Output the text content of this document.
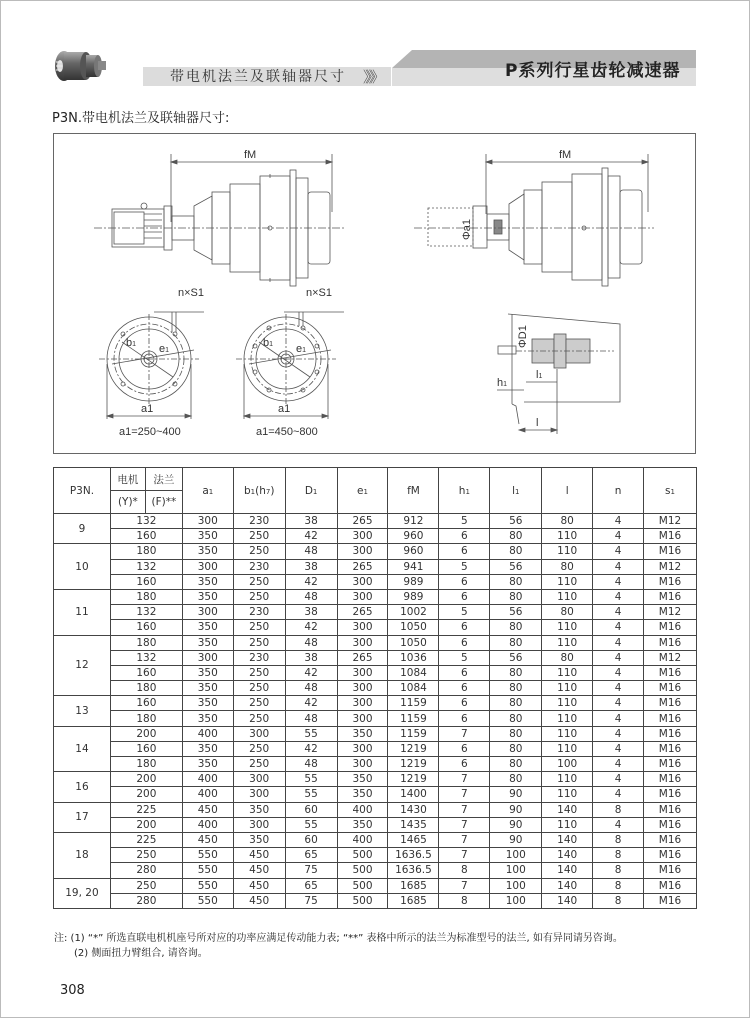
带电机法兰及联轴器尺寸 》》》	P系列行星齿轮减速器
P3N.带电机法兰及联轴器尺寸:
fM	fM
Φa1
b1 e1
n×S1
a1
a1=250~400
b1 e1
n×S1
a1
a1=450~800
ΦD1
l1
h1
l
P3N.	电机	法兰	a1	b1(h7)	D1	e1	fM	h1	l1	l	n	s1
	(Y)*	(F)**										
9	132		300	230	38	265	912	5	56	80	4	M12
	160		350	250	42	300	960	6	80	110	4	M16
10	180		350	250	48	300	960	6	80	110	4	M16
	132		300	230	38	265	941	5	56	80	4	M12
	160		350	250	42	300	989	6	80	110	4	M16
11	180		350	250	48	300	989	6	80	110	4	M16
	132		300	230	38	265	1002	5	56	80	4	M12
	160		350	250	42	300	1050	6	80	110	4	M16
12	180		350	250	48	300	1050	6	80	110	4	M16
	132		300	230	38	265	1036	5	56	80	4	M12
	160		350	250	42	300	1084	6	80	110	4	M16
	180		350	250	48	300	1084	6	80	110	4	M16
13	160		350	250	42	300	1159	6	80	110	4	M16
	180		350	250	48	300	1159	6	80	110	4	M16
14	200		400	300	55	350	1159	7	80	110	4	M16
	160		350	250	42	300	1219	6	80	110	4	M16
	180		350	250	48	300	1219	6	80	100	4	M16
16	200		400	300	55	350	1219	7	80	110	4	M16
	200		400	300	55	350	1400	7	90	110	4	M16
17	225		450	350	60	400	1430	7	90	140	8	M16
	200		400	300	55	350	1435	7	90	110	4	M16
18	225		450	350	60	400	1465	7	90	140	8	M16
	250		550	450	65	500	1636.5	7	100	140	8	M16
	280		550	450	75	500	1636.5	8	100	140	8	M16
19, 20	250		550	450	65	500	1685	7	100	140	8	M16
	280		550	450	75	500	1685	8	100	140	8	M16
注: (1) “*” 所选直联电机机座号所对应的功率应满足传动能力表; “**” 表格中所示的法兰为标准型号的法兰, 如有异同请另咨询。
(2) 侧面扭力臂组合, 请咨询。
308
